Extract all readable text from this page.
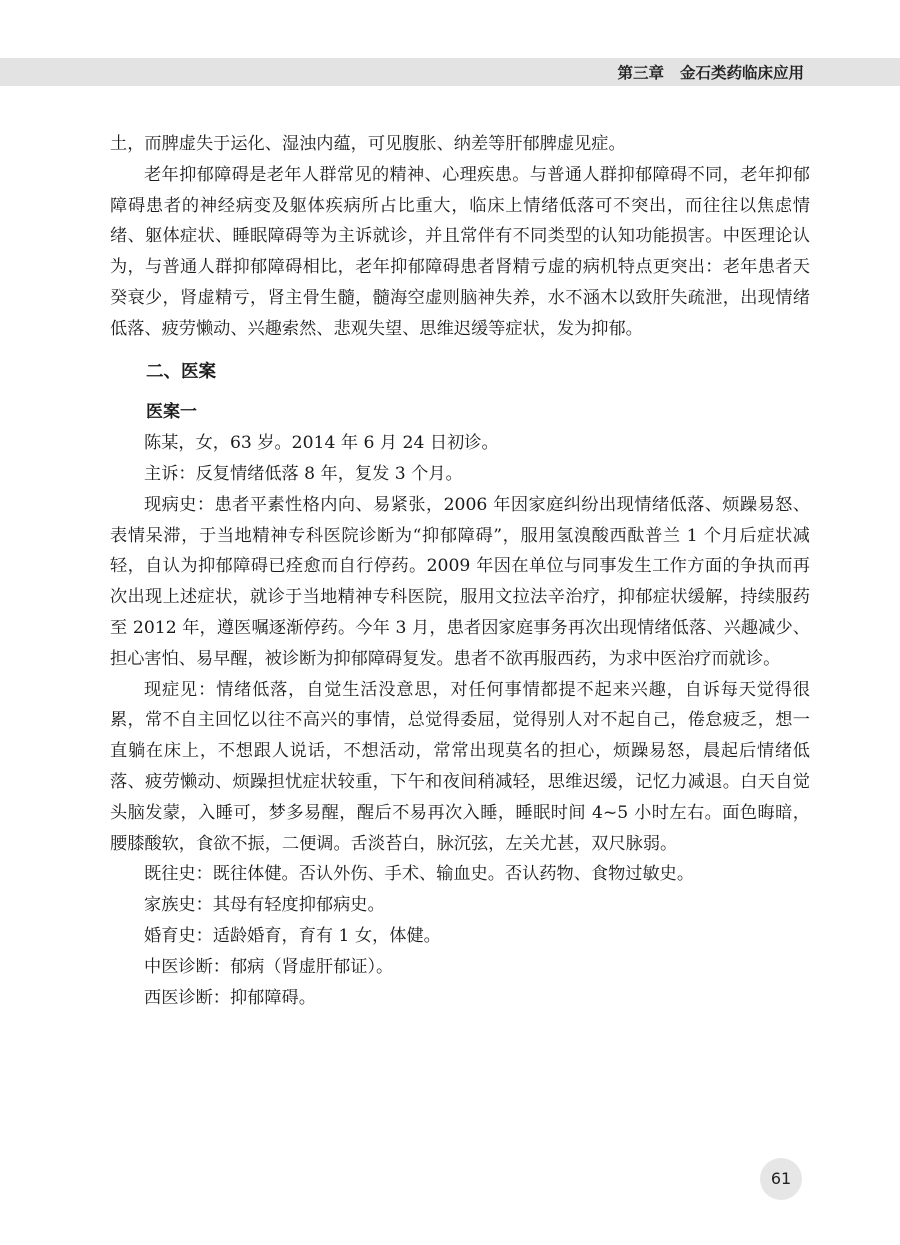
第三章 金石类药临床应用

土，而脾虚失于运化、湿浊内蕴，可见腹胀、纳差等肝郁脾虚见症。

老年抑郁障碍是老年人群常见的精神、心理疾患。与普通人群抑郁障碍不同，老年抑郁障碍患者的神经病变及躯体疾病所占比重大，临床上情绪低落可不突出，而往往以焦虑情绪、躯体症状、睡眠障碍等为主诉就诊，并且常伴有不同类型的认知功能损害。中医理论认为，与普通人群抑郁障碍相比，老年抑郁障碍患者肾精亏虚的病机特点更突出：老年患者天癸衰少，肾虚精亏，肾主骨生髓，髓海空虚则脑神失养，水不涵木以致肝失疏泄，出现情绪低落、疲劳懒动、兴趣索然、悲观失望、思维迟缓等症状，发为抑郁。

二、医案
医案一

陈某，女，63 岁。2014 年 6 月 24 日初诊。

主诉：反复情绪低落 8 年，复发 3 个月。

现病史：患者平素性格内向、易紧张，2006 年因家庭纠纷出现情绪低落、烦躁易怒、表情呆滞，于当地精神专科医院诊断为“抑郁障碍”，服用氢溴酸西酞普兰 1 个月后症状减轻，自认为抑郁障碍已痊愈而自行停药。2009 年因在单位与同事发生工作方面的争执而再次出现上述症状，就诊于当地精神专科医院，服用文拉法辛治疗，抑郁症状缓解，持续服药至 2012 年，遵医嘱逐渐停药。今年 3 月，患者因家庭事务再次出现情绪低落、兴趣减少、担心害怕、易早醒，被诊断为抑郁障碍复发。患者不欲再服西药，为求中医治疗而就诊。

现症见：情绪低落，自觉生活没意思，对任何事情都提不起来兴趣，自诉每天觉得很累，常不自主回忆以往不高兴的事情，总觉得委屈，觉得别人对不起自己，倦怠疲乏，想一直躺在床上，不想跟人说话，不想活动，常常出现莫名的担心，烦躁易怒，晨起后情绪低落、疲劳懒动、烦躁担忧症状较重，下午和夜间稍减轻，思维迟缓，记忆力减退。白天自觉头脑发蒙，入睡可，梦多易醒，醒后不易再次入睡，睡眠时间 4~5 小时左右。面色晦暗，腰膝酸软，食欲不振，二便调。舌淡苔白，脉沉弦，左关尤甚，双尺脉弱。

既往史：既往体健。否认外伤、手术、输血史。否认药物、食物过敏史。

家族史：其母有轻度抑郁病史。

婚育史：适龄婚育，育有 1 女，体健。

中医诊断：郁病（肾虚肝郁证）。

西医诊断：抑郁障碍。

61
